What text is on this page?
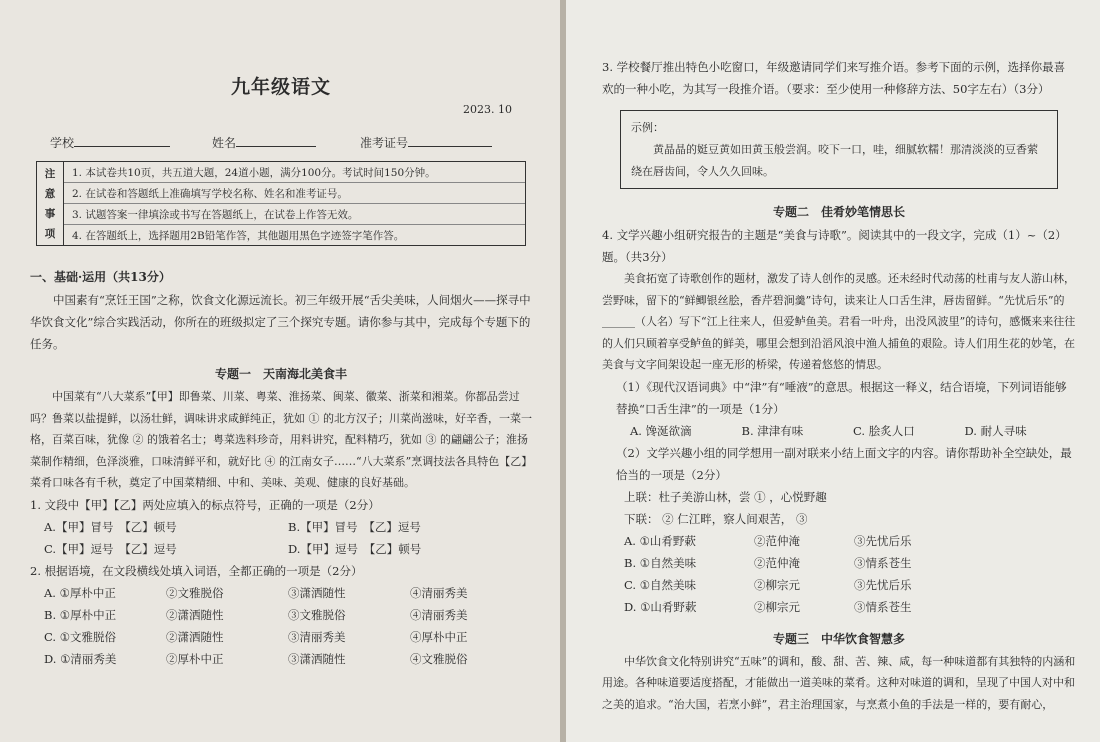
九年级语文
2023. 10
学校	姓名	准考证号
注
意
事
项
1. 本试卷共10页，共五道大题，24道小题，满分100分。考试时间150分钟。
2. 在试卷和答题纸上准确填写学校名称、姓名和准考证号。
3. 试题答案一律填涂或书写在答题纸上，在试卷上作答无效。
4. 在答题纸上，选择题用2B铅笔作答，其他题用黑色字迹签字笔作答。
一、基础·运用（共13分）

中国素有“烹饪王国”之称，饮食文化源远流长。初三年级开展“舌尖美味，人间烟火——探寻中华饮食文化”综合实践活动，你所在的班级拟定了三个探究专题。请你参与其中，完成每个专题下的任务。

专题一　天南海北美食丰

中国菜有“八大菜系”【甲】即鲁菜、川菜、粤菜、淮扬菜、闽菜、徽菜、浙菜和湘菜。你都品尝过吗？鲁菜以盐提鲜，以汤壮鲜，调味讲求咸鲜纯正，犹如 ① 的北方汉子；川菜尚滋味，好辛香，一菜一格，百菜百味，犹像 ② 的饿着名士；粤菜选料珍奇，用料讲究，配料精巧，犹如 ③ 的翩翩公子；淮扬菜制作精细，色泽淡雅，口味清鲜平和，就好比 ④ 的江南女子……“八大菜系”烹调技法各具特色【乙】菜肴口味各有千秋，奠定了中国菜精细、中和、美味、美观、健康的良好基础。

1. 文段中【甲】【乙】两处应填入的标点符号，正确的一项是（2分）

A.【甲】冒号　【乙】顿号	B.【甲】冒号　【乙】逗号
C.【甲】逗号　【乙】逗号	D.【甲】逗号　【乙】顿号

2. 根据语境，在文段横线处填入词语，全都正确的一项是（2分）

A. ①厚朴中正	②文雅脱俗	③潇洒随性	④清丽秀美
B. ①厚朴中正	②潇洒随性	③文雅脱俗	④清丽秀美
C. ①文雅脱俗	②潇洒随性	③清丽秀美	④厚朴中正
D. ①清丽秀美	②厚朴中正	③潇洒随性	④文雅脱俗

3. 学校餐厅推出特色小吃窗口，年级邀请同学们来写推介语。参考下面的示例，选择你最喜欢的一种小吃，为其写一段推介语。（要求：至少使用一种修辞方法、50字左右）（3分）

示例：

黄晶晶的娗豆黄如田黄玉般尝润。咬下一口，哇，细腻软糯！那清淡淡的豆香萦绕在唇齿间，令人久久回味。

专题二　佳肴妙笔情思长

4. 文学兴趣小组研究报告的主题是“美食与诗歌”。阅读其中的一段文字，完成（1）~（2）题。（共3分）

美食拓宽了诗歌创作的题材，激发了诗人创作的灵感。还未经时代动荡的杜甫与友人游山林，尝野味，留下的“鲜鲫银丝脍，香芹碧涧羹”诗句，读来让人口舌生津，唇齿留鲜。“先忧后乐”的______（人名）写下“江上往来人，但爱鲈鱼美。君看一叶舟，出没风波里”的诗句，感慨来来往往的人们只顾着享受鲈鱼的鲜美，哪里会想到沿滔风浪中渔人捕鱼的艰险。诗人们用生花的妙笔，在美食与文字间架设起一座无形的桥梁，传递着悠悠的情思。

（1）《现代汉语词典》中“津”有“唾液”的意思。根据这一释义，结合语境，下列词语能够替换“口舌生津”的一项是（1分）

A. 馋涎欲滴	B. 津津有味	C. 脍炙人口	D. 耐人寻味

（2）文学兴趣小组的同学想用一副对联来小结上面文字的内容。请你帮助补全空缺处，最恰当的一项是（2分）

上联：杜子美游山林，尝 ① ，心悦野趣

下联： ② 仁江畔，察人间艰苦， ③

A. ①山肴野蔌	②范仲淹	③先忧后乐
B. ①自然美味	②范仲淹	③情系苍生
C. ①自然美味	②柳宗元	③先忧后乐
D. ①山肴野蔌	②柳宗元	③情系苍生
专题三　中华饮食智慧多

中华饮食文化特别讲究“五味”的调和，酸、甜、苦、辣、咸，每一种味道都有其独特的内涵和用途。各种味道要适度搭配，才能做出一道美味的菜肴。这种对味道的调和，呈现了中国人对中和之美的追求。“治大国，若烹小鲜”，君主治理国家，与烹煮小鱼的手法是一样的，要有耐心，
